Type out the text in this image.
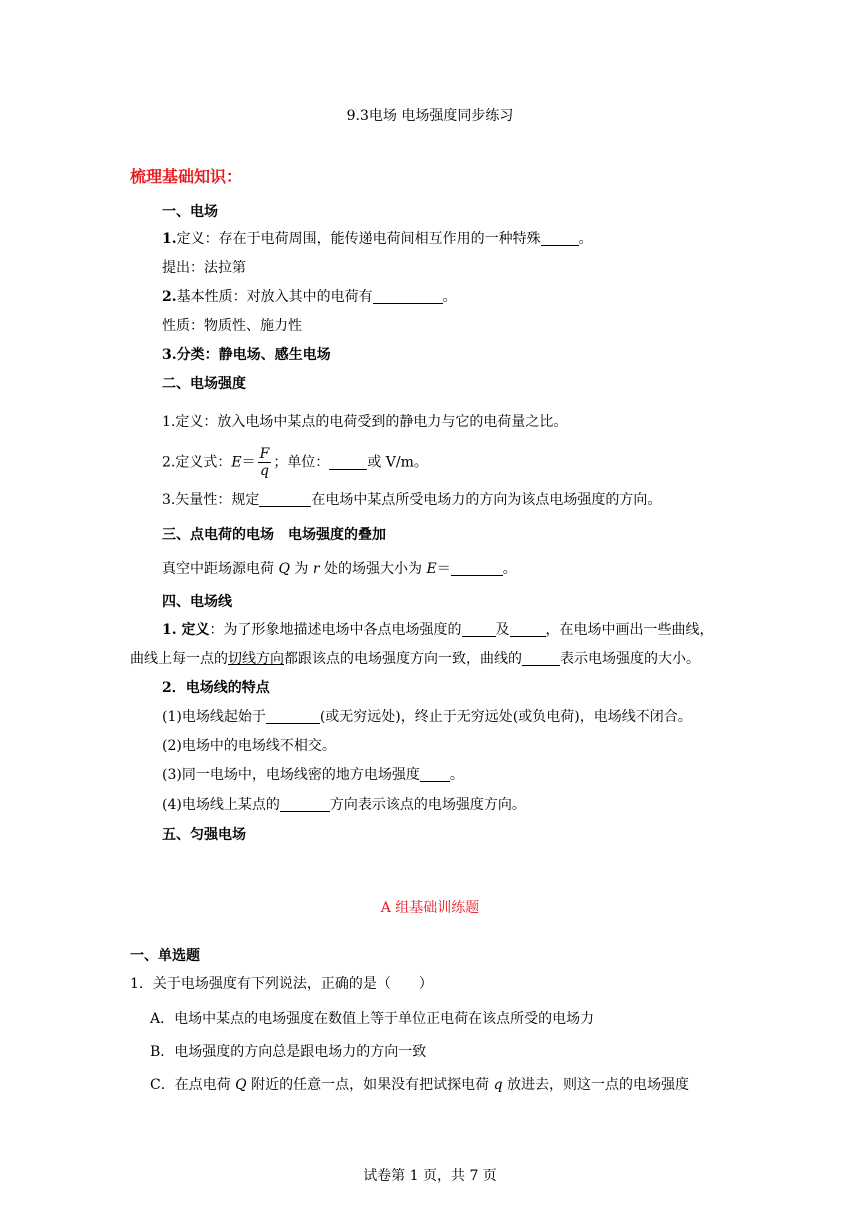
9.3电场 电场强度同步练习
梳理基础知识：
一、电场
1.定义：存在于电荷周围，能传递电荷间相互作用的一种特殊	。
提出：法拉第
2.基本性质：对放入其中的电荷有	。
性质：物质性、施力性
3.分类：静电场、感生电场
二、电场强度
1.定义：放入电场中某点的电荷受到的静电力与它的电荷量之比。
2.定义式：$E= \frac{F}{q}$ ；单位：	或 V/m。
3.矢量性：规定	在电场中某点所受电场力的方向为该点电场强度的方向。
三、点电荷的电场　电场强度的叠加
真空中距场源电荷 Q 为 r 处的场强大小为 E＝	。
四、电场线
1. 定义：为了形象地描述电场中各点电场强度的 及	，在电场中画出一些曲线，
曲线上每一点的切线方向都跟该点的电场强度方向一致，曲线的	表示电场强度的大小。
2．电场线的特点
(1)电场线起始于	(或无穷远处)，终止于无穷远处(或负电荷)，电场线不闭合。
(2)电场中的电场线不相交。
(3)同一电场中，电场线密的地方电场强度 。
(4)电场线上某点的	方向表示该点的电场强度方向。
五、匀强电场
A 组基础训练题
一、单选题
1．关于电场强度有下列说法，正确的是（　　）
A．电场中某点的电场强度在数值上等于单位正电荷在该点所受的电场力
B．电场强度的方向总是跟电场力的方向一致
C．在点电荷 Q 附近的任意一点，如果没有把试探电荷 q 放进去，则这一点的电场强度
试卷第 1 页，共 7 页
